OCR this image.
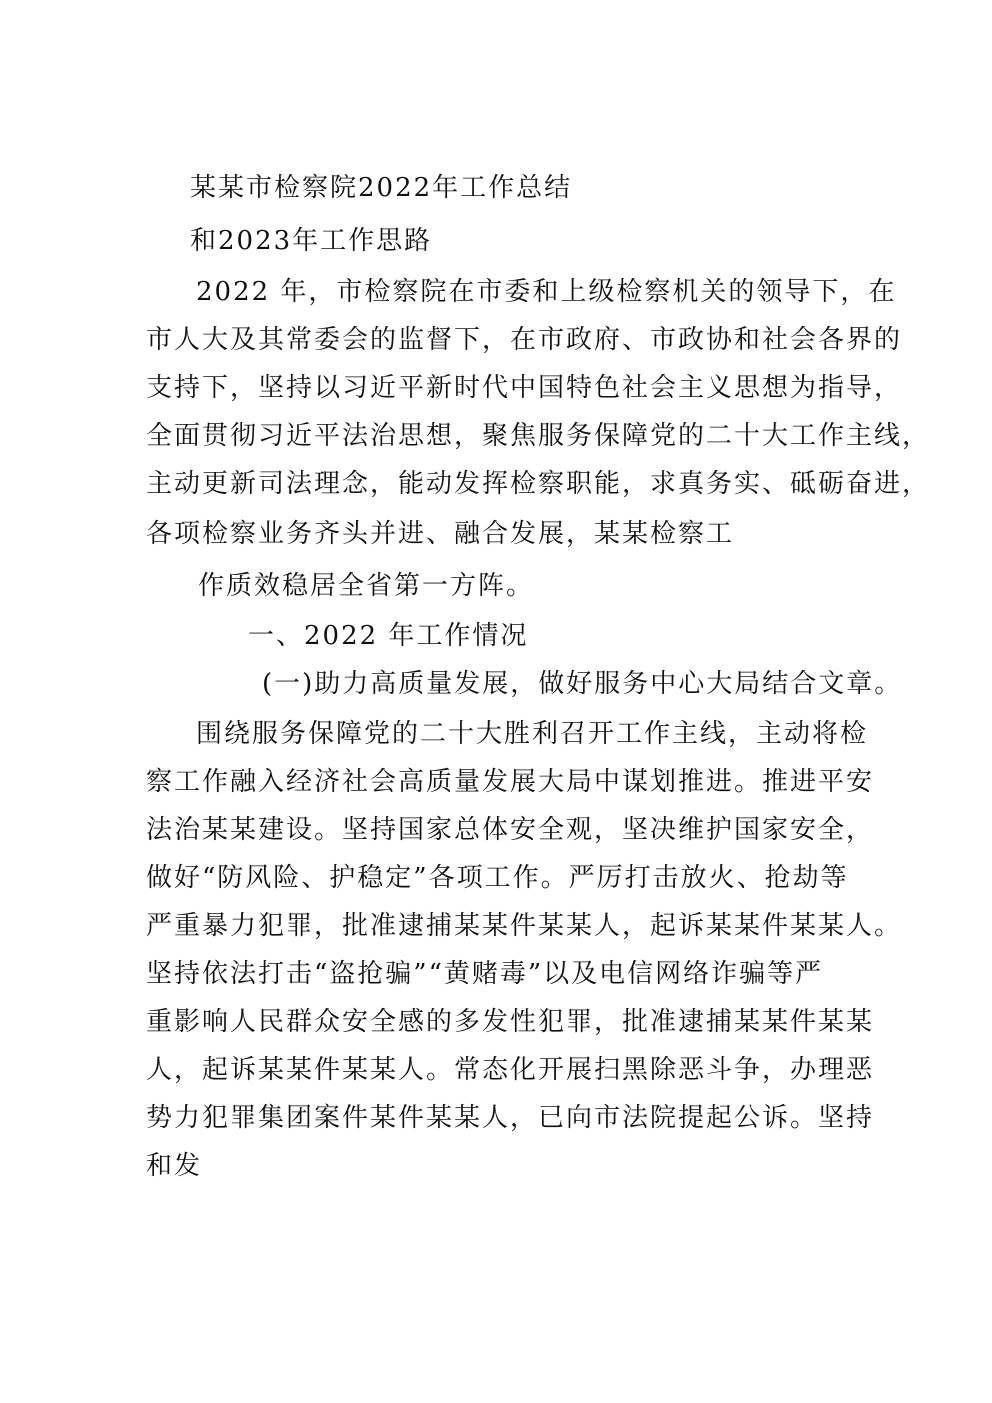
某某市检察院2022年工作总结
和2023年工作思路
2022 年，市检察院在市委和上级检察机关的领导下，在
市人大及其常委会的监督下，在市政府、市政协和社会各界的
支持下，坚持以习近平新时代中国特色社会主义思想为指导，
全面贯彻习近平法治思想，聚焦服务保障党的二十大工作主线，
主动更新司法理念，能动发挥检察职能，求真务实、砥砺奋进，
各项检察业务齐头并进、融合发展，某某检察工
作质效稳居全省第一方阵。
一、2022 年工作情况
(一)助力高质量发展，做好服务中心大局结合文章。
围绕服务保障党的二十大胜利召开工作主线，主动将检
察工作融入经济社会高质量发展大局中谋划推进。推进平安
法治某某建设。坚持国家总体安全观，坚决维护国家安全，
做好“防风险、护稳定”各项工作。严厉打击放火、抢劫等
严重暴力犯罪，批准逮捕某某件某某人，起诉某某件某某人。
坚持依法打击“盗抢骗”“黄赌毒”以及电信网络诈骗等严
重影响人民群众安全感的多发性犯罪，批准逮捕某某件某某
人，起诉某某件某某人。常态化开展扫黑除恶斗争，办理恶
势力犯罪集团案件某件某某人，已向市法院提起公诉。坚持
和发
